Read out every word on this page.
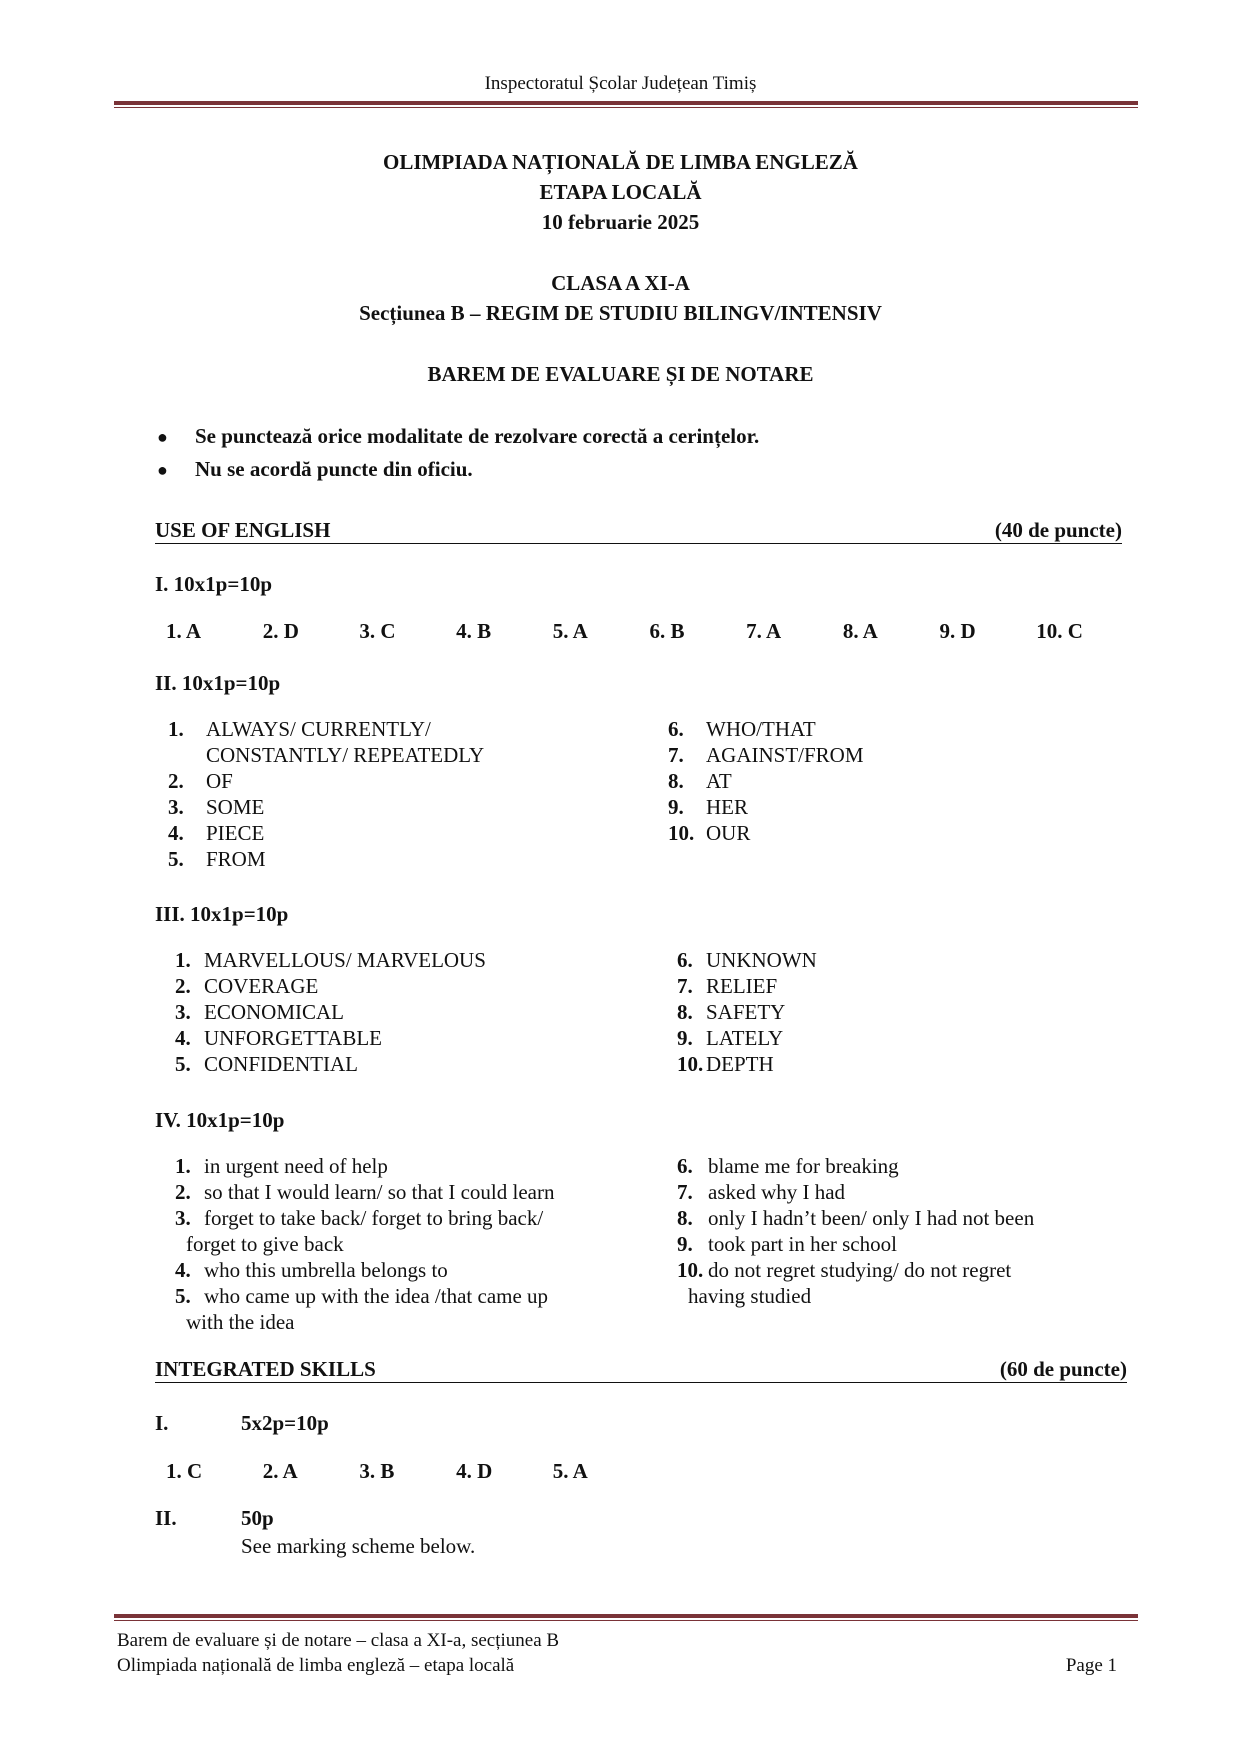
Inspectoratul Școlar Județean Timiș
OLIMPIADA NAȚIONALĂ DE LIMBA ENGLEZĂ
ETAPA LOCALĂ
10 februarie 2025
CLASA A XI-A
Secțiunea B – REGIM DE STUDIU BILINGV/INTENSIV
BAREM DE EVALUARE ȘI DE NOTARE
● Se punctează orice modalitate de rezolvare corectă a cerințelor.
● Nu se acordă puncte din oficiu.
USE OF ENGLISH	(40 de puncte)
I. 10x1p=10p
1. A	2. D	3. C	4. B	5. A	6. B	7. A	8. A	9. D	10. C
II. 10x1p=10p
1. ALWAYS/ CURRENTLY/
CONSTANTLY/ REPEATEDLY
2. OF
3. SOME
4. PIECE
5. FROM
6. WHO/THAT
7. AGAINST/FROM
8. AT
9. HER
10. OUR
III. 10x1p=10p
1. MARVELLOUS/ MARVELOUS
2. COVERAGE
3. ECONOMICAL
4. UNFORGETTABLE
5. CONFIDENTIAL
6. UNKNOWN
7. RELIEF
8. SAFETY
9. LATELY
10. DEPTH
IV. 10x1p=10p
1. in urgent need of help
2. so that I would learn/ so that I could learn
3. forget to take back/ forget to bring back/
forget to give back
4. who this umbrella belongs to
5. who came up with the idea /that came up
with the idea
6. blame me for breaking
7. asked why I had
8. only I hadn’t been/ only I had not been
9. took part in her school
10. do not regret studying/ do not regret
having studied
INTEGRATED SKILLS	(60 de puncte)
I.	5x2p=10p
1. C	2. A	3. B	4. D	5. A
II.	50p
See marking scheme below.
Barem de evaluare și de notare – clasa a XI-a, secțiunea B
Olimpiada națională de limba engleză – etapa locală	Page 1
